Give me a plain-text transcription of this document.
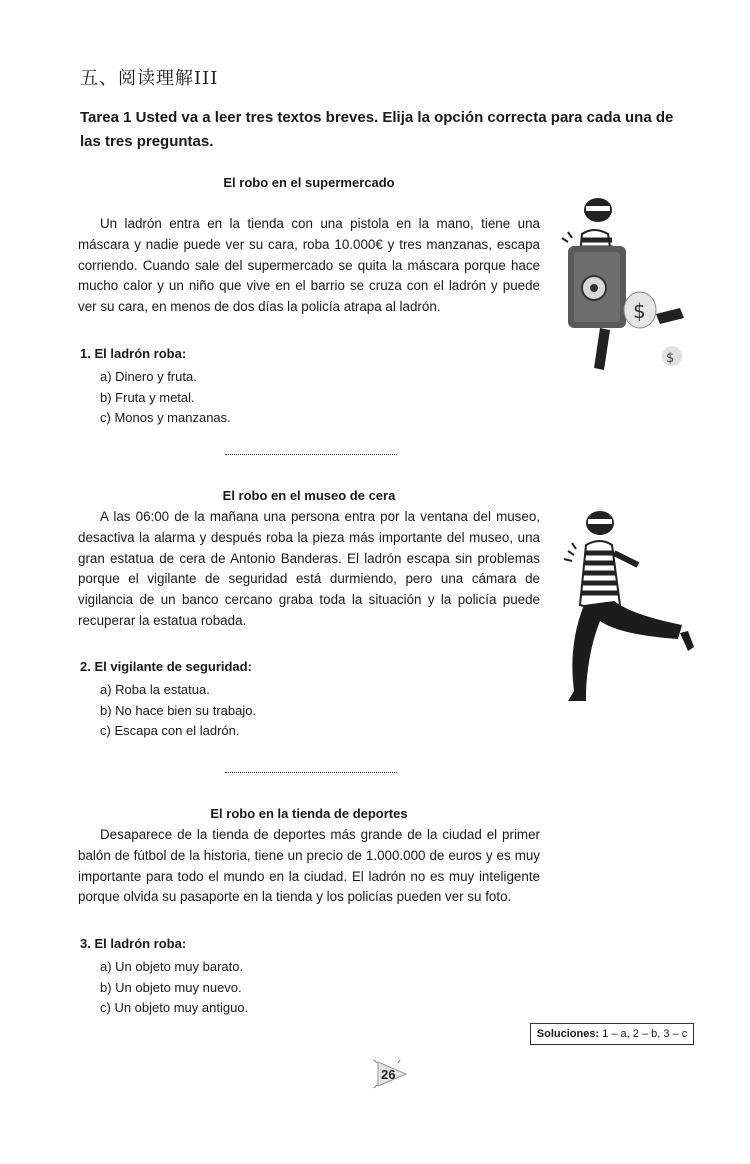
五、阅读理解III
Tarea 1 Usted va a leer tres textos breves. Elija la opción correcta para cada una de las tres preguntas.
El robo en el supermercado

Un ladrón entra en la tienda con una pistola en la mano, tiene una máscara y nadie puede ver su cara, roba 10.000€ y tres manzanas, escapa corriendo. Cuando sale del supermercado se quita la máscara porque hace mucho calor y un niño que vive en el barrio se cruza con el ladrón y puede ver su cara, en menos de dos días la policía atrapa al ladrón.

1. El ladrón roba:
a) Dinero y fruta.
b) Fruta y metal.
c) Monos y manzanas.
$
$
El robo en el museo de cera

A las 06:00 de la mañana una persona entra por la ventana del museo, desactiva la alarma y después roba la pieza más importante del museo, una gran estatua de cera de Antonio Banderas. El ladrón escapa sin problemas porque el vigilante de seguridad está durmiendo, pero una cámara de vigilancia de un banco cercano graba toda la situación y la policía puede recuperar la estatua robada.

2. El vigilante de seguridad:
a) Roba la estatua.
b) No hace bien su trabajo.
c) Escapa con el ladrón.
El robo en la tienda de deportes

Desaparece de la tienda de deportes más grande de la ciudad el primer balón de fútbol de la historia, tiene un precio de 1.000.000 de euros y es muy importante para todo el mundo en la ciudad. El ladrón no es muy inteligente porque olvida su pasaporte en la tienda y los policías pueden ver su foto.

3. El ladrón roba:
a) Un objeto muy barato.
b) Un objeto muy nuevo.
c) Un objeto muy antiguo.
Soluciones: 1 – a, 2 – b, 3 – c
26
